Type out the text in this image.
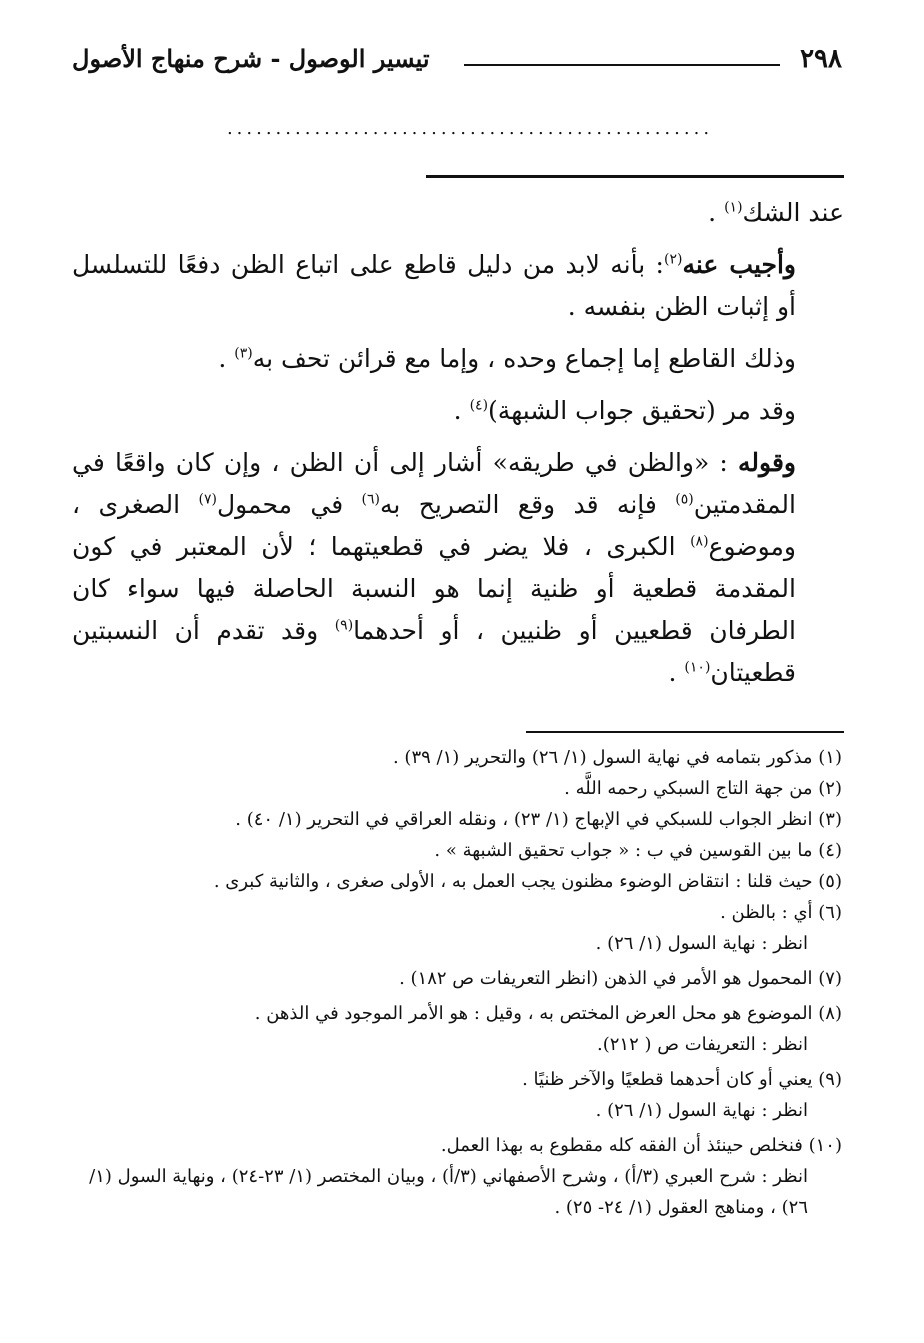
٢٩٨
تيسير الوصول - شرح منهاج الأصول
..................................................

عند الشك$^{(١)}$ .

وأجيب عنه$^{(٢)}$: بأنه لابد من دليل قاطع على اتباع الظن دفعًا للتسلسل أو إثبات الظن بنفسه .

وذلك القاطع إما إجماع وحده ، وإما مع قرائن تحف به$^{(٣)}$ .

وقد مر (تحقيق جواب الشبهة)$^{(٤)}$ .

وقوله : «والظن في طريقه» أشار إلى أن الظن ، وإن كان واقعًا في المقدمتين$^{(٥)}$ فإنه قد وقع التصريح به$^{(٦)}$ في محمول$^{(٧)}$ الصغرى ، وموضوع$^{(٨)}$ الكبرى ، فلا يضر في قطعيتهما ؛ لأن المعتبر في كون المقدمة قطعية أو ظنية إنما هو النسبة الحاصلة فيها سواء كان الطرفان قطعيين أو ظنيين ، أو أحدهما$^{(٩)}$ وقد تقدم أن النسبتين قطعيتان$^{(١٠)}$ .

(١) مذكور بتمامه في نهاية السول (١/ ٢٦) والتحرير (١/ ٣٩) .

(٢) من جهة التاج السبكي رحمه اللَّه .

(٣) انظر الجواب للسبكي في الإبهاج (١/ ٢٣) ، ونقله العراقي في التحرير (١/ ٤٠) .

(٤) ما بين القوسين في ب : « جواب تحقيق الشبهة » .

(٥) حيث قلنا : انتقاض الوضوء مظنون يجب العمل به ، الأولى صغرى ، والثانية كبرى .

(٦) أي : بالظن .

انظر : نهاية السول (١/ ٢٦) .

(٧) المحمول هو الأمر في الذهن (انظر التعريفات ص ١٨٢) .

(٨) الموضوع هو محل العرض المختص به ، وقيل : هو الأمر الموجود في الذهن .

انظر : التعريفات ص ( ٢١٢).

(٩) يعني أو كان أحدهما قطعيًا والآخر ظنيًا .

انظر : نهاية السول (١/ ٢٦) .

(١٠) فنخلص حينئذ أن الفقه كله مقطوع به بهذا العمل.

انظر : شرح العبري (٣/أ) ، وشرح الأصفهاني (٣/أ) ، وبيان المختصر (١/ ٢٣-٢٤) ، ونهاية السول (١/ ٢٦) ، ومناهج العقول (١/ ٢٤- ٢٥) .
